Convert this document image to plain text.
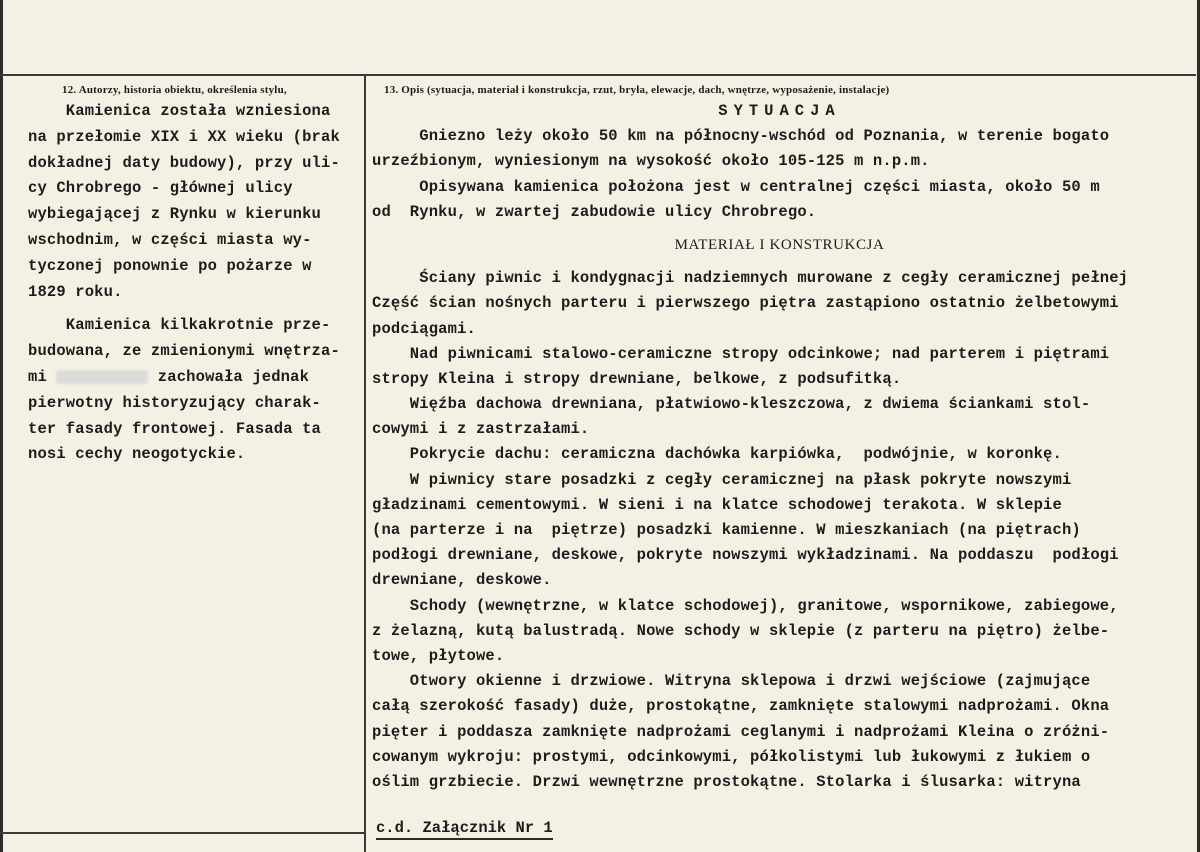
12. Autorzy, historia obiektu, określenia stylu,	13. Opis (sytuacja, materiał i konstrukcja, rzut, bryła, elewacje, dach, wnętrze, wyposażenie, instalacje)
Kamienica została wzniesiona
na przełomie XIX i XX wieku (brak
dokładnej daty budowy), przy uli-
cy Chrobrego - głównej ulicy
wybiegającej z Rynku w kierunku
wschodnim, w części miasta wy-
tyczonej ponownie po pożarze w
1829 roku.
Kamienica kilkakrotnie prze-
budowana, ze zmienionymi wnętrza-
mi	zachowała jednak
pierwotny historyzujący charak-
ter fasady frontowej. Fasada ta
nosi cechy neogotyckie.
SYTUACJA
Gniezno leży około 50 km na północny-wschód od Poznania, w terenie bogato
urzeźbionym, wyniesionym na wysokość około 105-125 m n.p.m.
Opisywana kamienica położona jest w centralnej części miasta, około 50 m
od  Rynku, w zwartej zabudowie ulicy Chrobrego.
MATERIAŁ I KONSTRUKCJA
Ściany piwnic i kondygnacji nadziemnych murowane z cegły ceramicznej pełnej
Część ścian nośnych parteru i pierwszego piętra zastąpiono ostatnio żelbetowymi
podciągami.
Nad piwnicami stalowo-ceramiczne stropy odcinkowe; nad parterem i piętrami
stropy Kleina i stropy drewniane, belkowe, z podsufitką.
Więźba dachowa drewniana, płatwiowo-kleszczowa, z dwiema ściankami stol-
cowymi i z zastrzałami.
Pokrycie dachu: ceramiczna dachówka karpiówka,  podwójnie, w koronkę.
W piwnicy stare posadzki z cegły ceramicznej na płask pokryte nowszymi
gładzinami cementowymi. W sieni i na klatce schodowej terakota. W sklepie
(na parterze i na  piętrze) posadzki kamienne. W mieszkaniach (na piętrach)
podłogi drewniane, deskowe, pokryte nowszymi wykładzinami. Na poddaszu  podłogi
drewniane, deskowe.
Schody (wewnętrzne, w klatce schodowej), granitowe, wspornikowe, zabiegowe,
z żelazną, kutą balustradą. Nowe schody w sklepie (z parteru na piętro) żelbe-
towe, płytowe.
Otwory okienne i drzwiowe. Witryna sklepowa i drzwi wejściowe (zajmujące
całą szerokość fasady) duże, prostokątne, zamknięte stalowymi nadprożami. Okna
pięter i poddasza zamknięte nadprożami ceglanymi i nadprożami Kleina o zróżni-
cowanym wykroju: prostymi, odcinkowymi, półkolistymi lub łukowymi z łukiem o
oślim grzbiecie. Drzwi wewnętrzne prostokątne. Stolarka i ślusarka: witryna
c.d. Załącznik Nr 1
